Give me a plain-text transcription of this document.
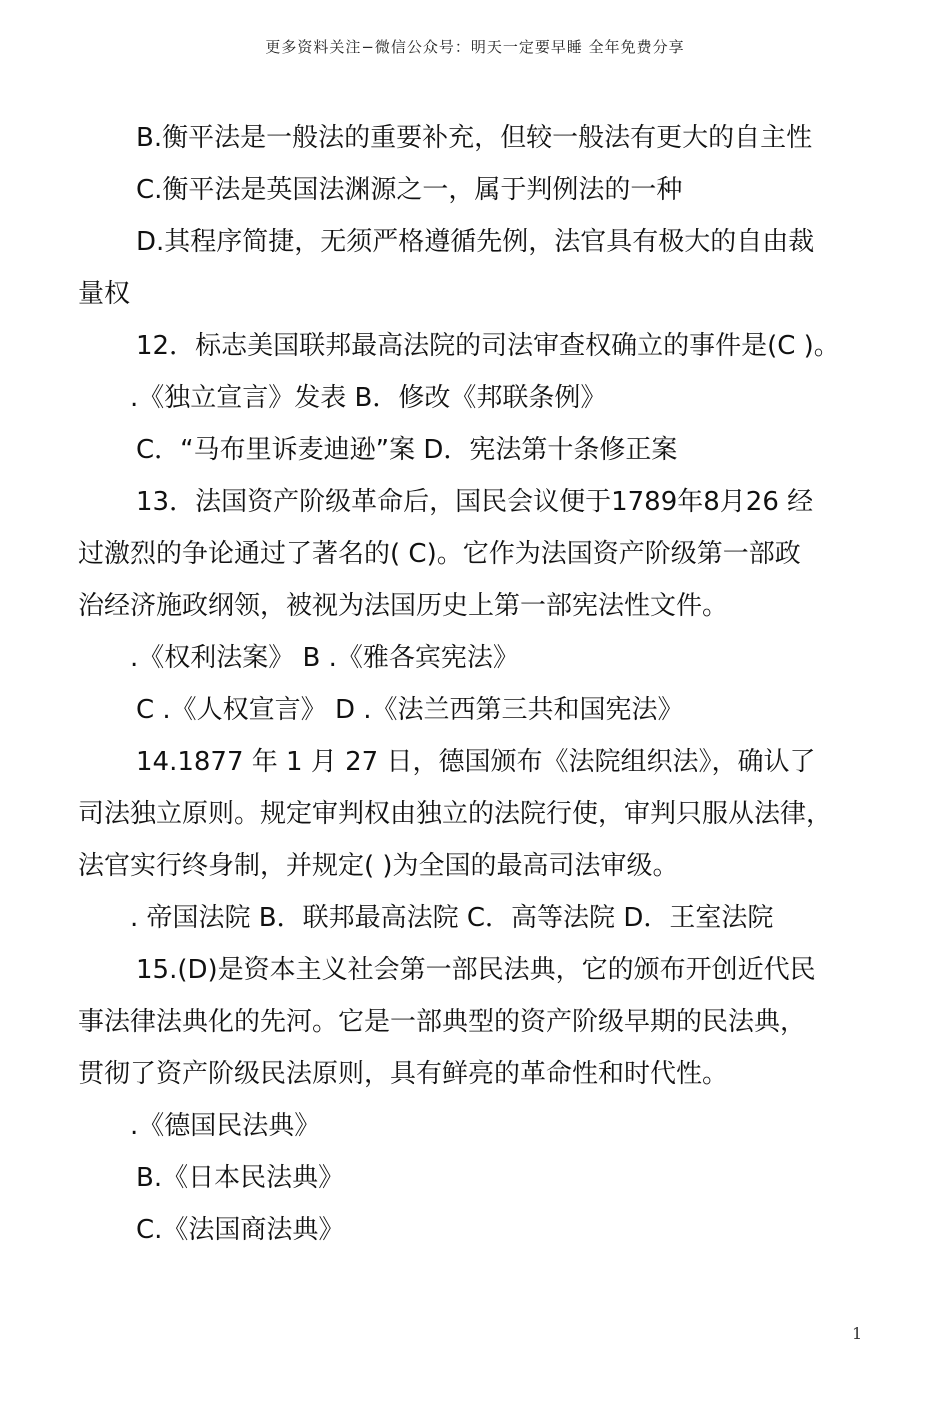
更多资料关注−微信公众号：明天一定要早睡 全年免费分享
B.衡平法是一般法的重要补充，但较一般法有更大的自主性
C.衡平法是英国法渊源之一，属于判例法的一种
D.其程序简捷，无须严格遵循先例，法官具有极大的自由裁
量权
12．标志美国联邦最高法院的司法审查权确立的事件是(C )。
.《独立宣言》发表 B．修改《邦联条例》
C．“马布里诉麦迪逊”案 D．宪法第十条修正案
13．法国资产阶级革命后，国民会议便于1789年8月26 经
过激烈的争论通过了著名的( C)。它作为法国资产阶级第一部政
治经济施政纲领，被视为法国历史上第一部宪法性文件。
.《权利法案》 B .《雅各宾宪法》
C .《人权宣言》 D .《法兰西第三共和国宪法》
14.1877 年 1 月 27 日，德国颁布《法院组织法》，确认了
司法独立原则。规定审判权由独立的法院行使，审判只服从法律，
法官实行终身制，并规定( )为全国的最高司法审级。
. 帝国法院 B．联邦最高法院 C．高等法院 D．王室法院
15.(D)是资本主义社会第一部民法典，它的颁布开创近代民
事法律法典化的先河。它是一部典型的资产阶级早期的民法典，
贯彻了资产阶级民法原则，具有鲜亮的革命性和时代性。
.《德国民法典》
B.《日本民法典》
C.《法国商法典》
1
